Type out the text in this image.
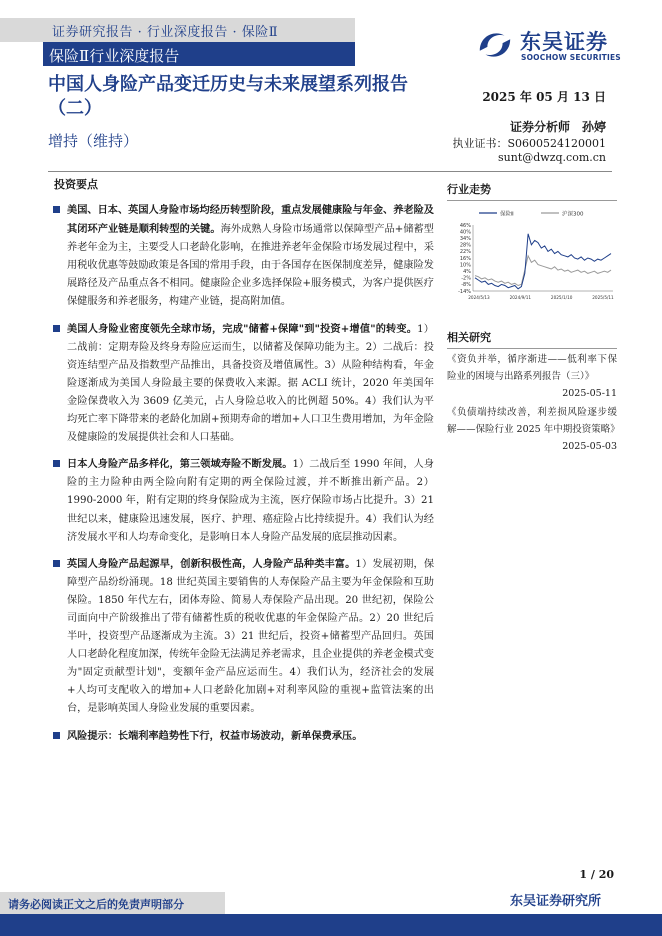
证券研究报告 · 行业深度报告 · 保险Ⅱ
保险Ⅱ行业深度报告
东吴证券
SOOCHOW SECURITIES
中国人身险产品变迁历史与未来展望系列报告（二）
增持（维持）
2025 年 05 月 13 日
证券分析师　孙婷
执业证书：S0600524120001
sunt@dwzq.com.cn
投资要点
美国、日本、英国人身险市场均经历转型阶段，重点发展健康险与年金、养老险及其闭环产业链是顺利转型的关键。海外成熟人身险市场通常以保障型产品+储蓄型养老年金为主，主要受人口老龄化影响，在推进养老年金保险市场发展过程中，采用税收优惠等鼓励政策是各国的常用手段，由于各国存在医保制度差异，健康险发展路径及产品重点各不相同。健康险企业多选择保险+服务模式，为客户提供医疗保健服务和养老服务，构建产业链，提高附加值。
美国人身险业密度领先全球市场，完成"储蓄+保障"到"投资+增值"的转变。1）二战前：定期寿险及终身寿险应运而生，以储蓄及保障功能为主。2）二战后：投资连结型产品及指数型产品推出，具备投资及增值属性。3）从险种结构看，年金险逐渐成为美国人身险最主要的保费收入来源。据 ACLI 统计，2020 年美国年金险保费收入为 3609 亿美元，占人身险总收入的比例超 50%。4）我们认为平均死亡率下降带来的老龄化加剧+预期寿命的增加+人口卫生费用增加，为年金险及健康险的发展提供社会和人口基础。
日本人身险产品多样化，第三领域寿险不断发展。1）二战后至 1990 年间，人身险的主力险种由两全险向附有定期的两全保险过渡，并不断推出新产品。2）1990-2000 年，附有定期的终身保险成为主流，医疗保险市场占比提升。3）21 世纪以来，健康险迅速发展，医疗、护理、癌症险占比持续提升。4）我们认为经济发展水平和人均寿命变化，是影响日本人身险产品发展的底层推动因素。
英国人身险产品起源早，创新积极性高，人身险产品种类丰富。1）发展初期，保障型产品纷纷涌现。18 世纪英国主要销售的人寿保险产品主要为年金保险和互助保险。1850 年代左右，团体寿险、简易人寿保险产品出现。20 世纪初，保险公司面向中产阶级推出了带有储蓄性质的税收优惠的年金保险产品。2）20 世纪后半叶，投资型产品逐渐成为主流。3）21 世纪后，投资+储蓄型产品回归。英国人口老龄化程度加深，传统年金险无法满足养老需求，且企业提供的养老金模式变为"固定贡献型计划"，变额年金产品应运而生。4）我们认为，经济社会的发展+人均可支配收入的增加+人口老龄化加剧+对利率风险的重视+监管法案的出台，是影响英国人身险业发展的重要因素。
风险提示：长端利率趋势性下行，权益市场波动，新单保费承压。
行业走势
保险Ⅱ	沪深300
46%
40%
34%
28%
22%
16%
10%
4%
-2%
-8%
-14%
2024/5/13	2024/9/11	2025/1/10	2025/5/11
相关研究
《资负并举，循序渐进——低利率下保险业的困境与出路系列报告（三）》
2025-05-11
《负债端持续改善，利差损风险逐步缓解——保险行业 2025 年中期投资策略》
2025-05-03
1 / 20
请务必阅读正文之后的免责声明部分	东吴证券研究所
